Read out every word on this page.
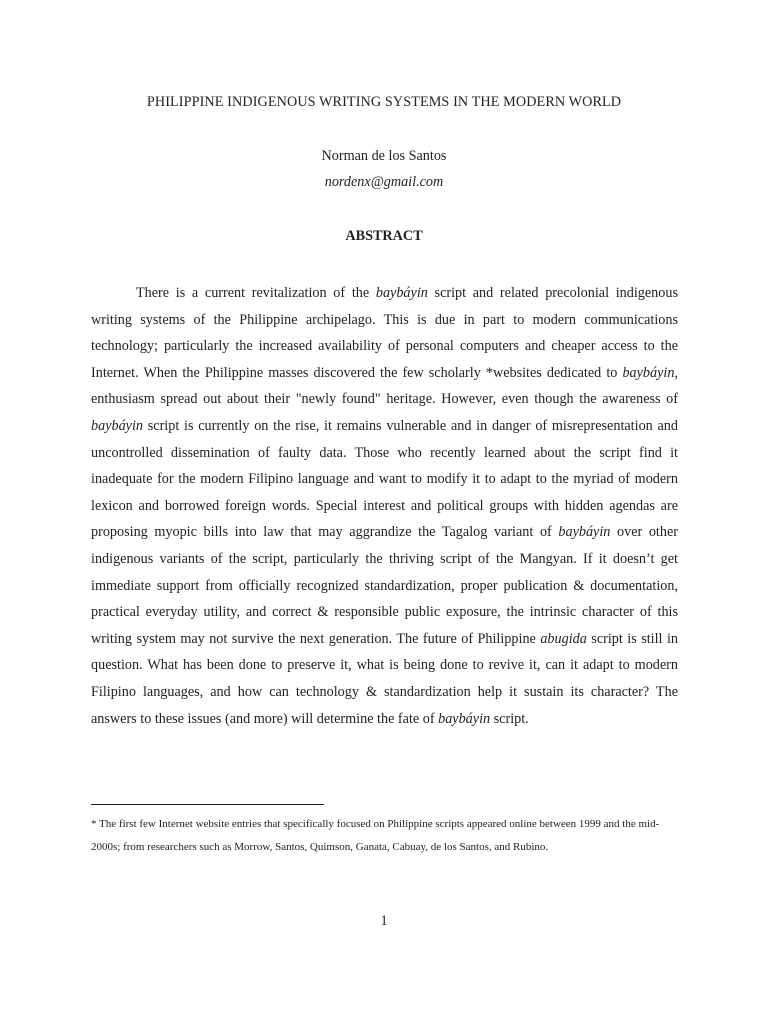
PHILIPPINE INDIGENOUS WRITING SYSTEMS IN THE MODERN WORLD
Norman de los Santos
nordenx@gmail.com
ABSTRACT

There is a current revitalization of the baybáyin script and related precolonial indigenous writing systems of the Philippine archipelago. This is due in part to modern communications technology; particularly the increased availability of personal computers and cheaper access to the Internet. When the Philippine masses discovered the few scholarly *websites dedicated to baybáyin, enthusiasm spread out about their "newly found" heritage. However, even though the awareness of baybáyin script is currently on the rise, it remains vulnerable and in danger of misrepresentation and uncontrolled dissemination of faulty data. Those who recently learned about the script find it inadequate for the modern Filipino language and want to modify it to adapt to the myriad of modern lexicon and borrowed foreign words. Special interest and political groups with hidden agendas are proposing myopic bills into law that may aggrandize the Tagalog variant of baybáyin over other indigenous variants of the script, particularly the thriving script of the Mangyan. If it doesn’t get immediate support from officially recognized standardization, proper publication & documentation, practical everyday utility, and correct & responsible public exposure, the intrinsic character of this writing system may not survive the next generation. The future of Philippine abugida script is still in question. What has been done to preserve it, what is being done to revive it, can it adapt to modern Filipino languages, and how can technology & standardization help it sustain its character? The answers to these issues (and more) will determine the fate of baybáyin script.

* The first few Internet website entries that specifically focused on Philippine scripts appeared online between 1999 and the mid-2000s; from researchers such as Morrow, Santos, Quimson, Ganata, Cabuay, de los Santos, and Rubino.

1
